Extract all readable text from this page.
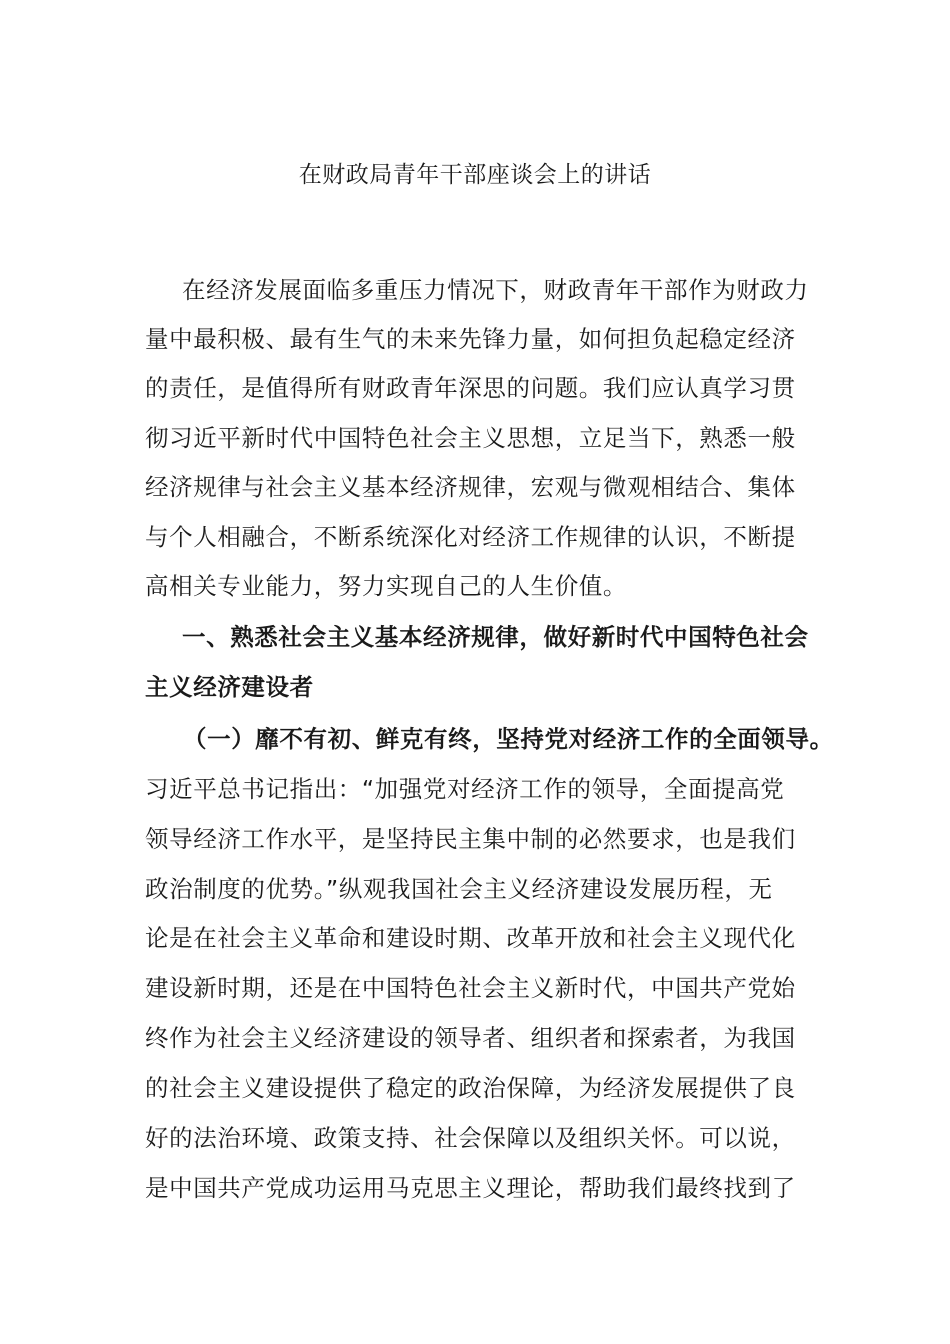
在财政局青年干部座谈会上的讲话
在经济发展面临多重压力情况下，财政青年干部作为财政力
量中最积极、最有生气的未来先锋力量，如何担负起稳定经济
的责任，是值得所有财政青年深思的问题。我们应认真学习贯
彻习近平新时代中国特色社会主义思想，立足当下，熟悉一般
经济规律与社会主义基本经济规律，宏观与微观相结合、集体
与个人相融合，不断系统深化对经济工作规律的认识，不断提
高相关专业能力，努力实现自己的人生价值。
一、熟悉社会主义基本经济规律，做好新时代中国特色社会
主义经济建设者
（一）靡不有初、鲜克有终，坚持党对经济工作的全面领导。
习近平总书记指出：“加强党对经济工作的领导，全面提高党
领导经济工作水平，是坚持民主集中制的必然要求，也是我们
政治制度的优势。”纵观我国社会主义经济建设发展历程，无
论是在社会主义革命和建设时期、改革开放和社会主义现代化
建设新时期，还是在中国特色社会主义新时代，中国共产党始
终作为社会主义经济建设的领导者、组织者和探索者，为我国
的社会主义建设提供了稳定的政治保障，为经济发展提供了良
好的法治环境、政策支持、社会保障以及组织关怀。可以说，
是中国共产党成功运用马克思主义理论，帮助我们最终找到了
